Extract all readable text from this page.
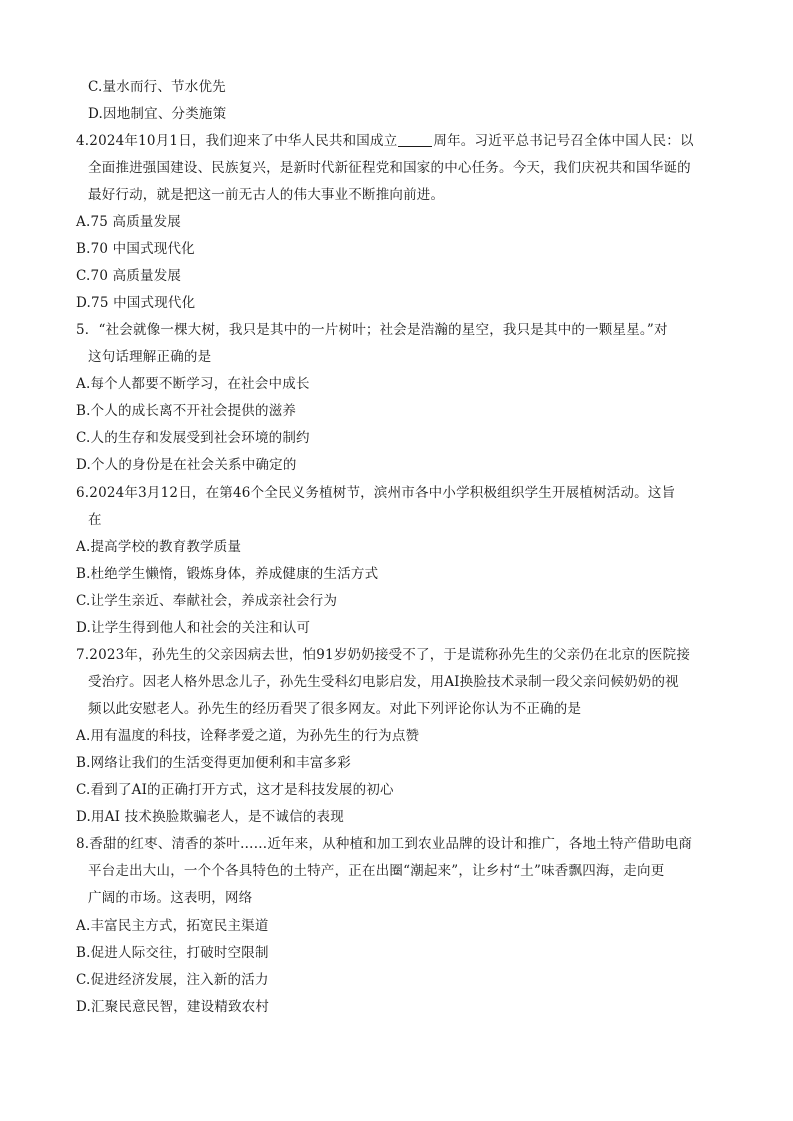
C.量水而行、节水优先
D.因地制宜、分类施策
4.2024年10月1日，我们迎来了中华人民共和国成立	周年。习近平总书记号召全体中国人民：以
全面推进强国建设、民族复兴，是新时代新征程党和国家的中心任务。今天，我们庆祝共和国华诞的
最好行动，就是把这一前无古人的伟大事业不断推向前进。
A.75 高质量发展
B.70 中国式现代化
C.70 高质量发展
D.75 中国式现代化
5．“社会就像一棵大树，我只是其中的一片树叶；社会是浩瀚的星空，我只是其中的一颗星星。”对
这句话理解正确的是
A.每个人都要不断学习，在社会中成长
B.个人的成长离不开社会提供的滋养
C.人的生存和发展受到社会环境的制约
D.个人的身份是在社会关系中确定的
6.2024年3月12日，在第46个全民义务植树节，滨州市各中小学积极组织学生开展植树活动。这旨
在
A.提高学校的教育教学质量
B.杜绝学生懒惰，锻炼身体，养成健康的生活方式
C.让学生亲近、奉献社会，养成亲社会行为
D.让学生得到他人和社会的关注和认可
7.2023年，孙先生的父亲因病去世，怕91岁奶奶接受不了，于是谎称孙先生的父亲仍在北京的医院接
受治疗。因老人格外思念儿子，孙先生受科幻电影启发，用AI换脸技术录制一段父亲问候奶奶的视
频以此安慰老人。孙先生的经历看哭了很多网友。对此下列评论你认为不正确的是
A.用有温度的科技，诠释孝爱之道，为孙先生的行为点赞
B.网络让我们的生活变得更加便利和丰富多彩
C.看到了AI的正确打开方式，这才是科技发展的初心
D.用AI 技术换脸欺骗老人，是不诚信的表现
8.香甜的红枣、清香的茶叶……近年来，从种植和加工到农业品牌的设计和推广，各地土特产借助电商
平台走出大山，一个个各具特色的土特产，正在出圈“潮起来”，让乡村“土”味香飘四海，走向更
广阔的市场。这表明，网络
A.丰富民主方式，拓宽民主渠道
B.促进人际交往，打破时空限制
C.促进经济发展，注入新的活力
D.汇聚民意民智，建设精致农村
